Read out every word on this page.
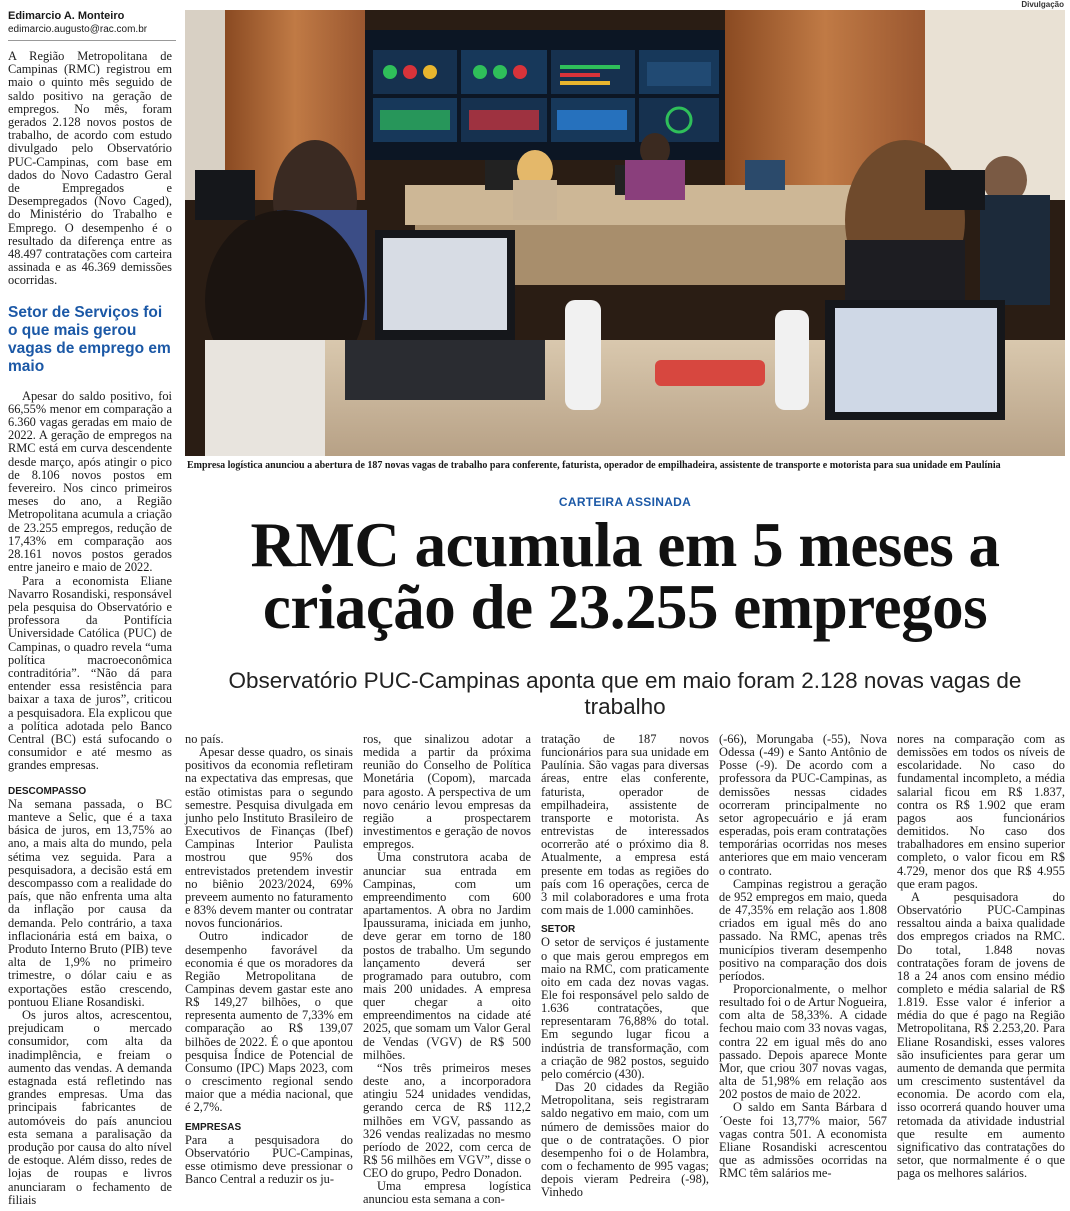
Edimarcio A. Monteiro
edimarcio.augusto@rac.com.br

A Região Metropolitana de Campinas (RMC) registrou em maio o quinto mês seguido de saldo positivo na geração de empregos. No mês, foram gerados 2.128 novos postos de trabalho, de acordo com estudo divulgado pelo Observatório PUC-Campinas, com base em dados do Novo Cadastro Geral de Empregados e Desempregados (Novo Caged), do Ministério do Trabalho e Emprego. O desempenho é o resultado da diferença entre as 48.497 contratações com carteira assinada e as 46.369 demissões ocorridas.

Setor de Serviços foi o que mais gerou vagas de emprego em maio

Apesar do saldo positivo, foi 66,55% menor em comparação a 6.360 vagas geradas em maio de 2022. A geração de empregos na RMC está em curva descendente desde março, após atingir o pico de 8.106 novos postos em fevereiro. Nos cinco primeiros meses do ano, a Região Metropolitana acumula a criação de 23.255 empregos, redução de 17,43% em comparação aos 28.161 novos postos gerados entre janeiro e maio de 2022.

Para a economista Eliane Navarro Rosandiski, responsável pela pesquisa do Observatório e professora da Pontifícia Universidade Católica (PUC) de Campinas, o quadro revela “uma política macroeconômica contraditória”. “Não dá para entender essa resistência para baixar a taxa de juros”, criticou a pesquisadora. Ela explicou que a política adotada pelo Banco Central (BC) está sufocando o consumidor e até mesmo as grandes empresas.

DESCOMPASSO

Na semana passada, o BC manteve a Selic, que é a taxa básica de juros, em 13,75% ao ano, a mais alta do mundo, pela sétima vez seguida. Para a pesquisadora, a decisão está em descompasso com a realidade do país, que não enfrenta uma alta da inflação por causa da demanda. Pelo contrário, a taxa inflacionária está em baixa, o Produto Interno Bruto (PIB) teve alta de 1,9% no primeiro trimestre, o dólar caiu e as exportações estão crescendo, pontuou Eliane Rosandiski.

Os juros altos, acrescentou, prejudicam o mercado consumidor, com alta da inadimplência, e freiam o aumento das vendas. A demanda estagnada está refletindo nas grandes empresas. Uma das principais fabricantes de automóveis do país anunciou esta semana a paralisação da produção por causa do alto nível de estoque. Além disso, redes de lojas de roupas e livros anunciaram o fechamento de filiais

Divulgação
Empresa logística anunciou a abertura de 187 novas vagas de trabalho para conferente, faturista, operador de empilhadeira, assistente de transporte e motorista para sua unidade em Paulínia
CARTEIRA ASSINADA
RMC acumula em 5 meses a
criação de 23.255 empregos
Observatório PUC-Campinas aponta que em maio foram 2.128 novas vagas de trabalho

no país.

Apesar desse quadro, os sinais positivos da economia refletiram na expectativa das empresas, que estão otimistas para o segundo semestre. Pesquisa divulgada em junho pelo Instituto Brasileiro de Executivos de Finanças (Ibef) Campinas Interior Paulista mostrou que 95% dos entrevistados pretendem investir no biênio 2023/2024, 69% preveem aumento no faturamento e 83% devem manter ou contratar novos funcionários.

Outro indicador de desempenho favorável da economia é que os moradores da Região Metropolitana de Campinas devem gastar este ano R$ 149,27 bilhões, o que representa aumento de 7,33% em comparação ao R$ 139,07 bilhões de 2022. É o que apontou pesquisa Índice de Potencial de Consumo (IPC) Maps 2023, com o crescimento regional sendo maior que a média nacional, que é 2,7%.

EMPRESAS

Para a pesquisadora do Observatório PUC-Campinas, esse otimismo deve pressionar o Banco Central a reduzir os ju-

ros, que sinalizou adotar a medida a partir da próxima reunião do Conselho de Política Monetária (Copom), marcada para agosto. A perspectiva de um novo cenário levou empresas da região a prospectarem investimentos e geração de novos empregos.

Uma construtora acaba de anunciar sua entrada em Campinas, com um empreendimento com 600 apartamentos. A obra no Jardim Ipaussurama, iniciada em junho, deve gerar em torno de 180 postos de trabalho. Um segundo lançamento deverá ser programado para outubro, com mais 200 unidades. A empresa quer chegar a oito empreendimentos na cidade até 2025, que somam um Valor Geral de Vendas (VGV) de R$ 500 milhões.

“Nos três primeiros meses deste ano, a incorporadora atingiu 524 unidades vendidas, gerando cerca de R$ 112,2 milhões em VGV, passando as 326 vendas realizadas no mesmo período de 2022, com cerca de R$ 56 milhões em VGV”, disse o CEO do grupo, Pedro Donadon.

Uma empresa logística anunciou esta semana a con-

tratação de 187 novos funcionários para sua unidade em Paulínia. São vagas para diversas áreas, entre elas conferente, faturista, operador de empilhadeira, assistente de transporte e motorista. As entrevistas de interessados ocorrerão até o próximo dia 8. Atualmente, a empresa está presente em todas as regiões do país com 16 operações, cerca de 3 mil colaboradores e uma frota com mais de 1.000 caminhões.

SETOR

O setor de serviços é justamente o que mais gerou empregos em maio na RMC, com praticamente oito em cada dez novas vagas. Ele foi responsável pelo saldo de 1.636 contratações, que representaram 76,88% do total. Em segundo lugar ficou a indústria de transformação, com a criação de 982 postos, seguido pelo comércio (430).

Das 20 cidades da Região Metropolitana, seis registraram saldo negativo em maio, com um número de demissões maior do que o de contratações. O pior desempenho foi o de Holambra, com o fechamento de 995 vagas; depois vieram Pedreira (-98), Vinhedo

(-66), Morungaba (-55), Nova Odessa (-49) e Santo Antônio de Posse (-9). De acordo com a professora da PUC-Campinas, as demissões nessas cidades ocorreram principalmente no setor agropecuário e já eram esperadas, pois eram contratações temporárias ocorridas nos meses anteriores que em maio venceram o contrato.

Campinas registrou a geração de 952 empregos em maio, queda de 47,35% em relação aos 1.808 criados em igual mês do ano passado. Na RMC, apenas três municípios tiveram desempenho positivo na comparação dos dois períodos.

Proporcionalmente, o melhor resultado foi o de Artur Nogueira, com alta de 58,33%. A cidade fechou maio com 33 novas vagas, contra 22 em igual mês do ano passado. Depois aparece Monte Mor, que criou 307 novas vagas, alta de 51,98% em relação aos 202 postos de maio de 2022.

O saldo em Santa Bárbara d´Oeste foi 13,77% maior, 567 vagas contra 501. A economista Eliane Rosandiski acrescentou que as admissões ocorridas na RMC têm salários me-

nores na comparação com as demissões em todos os níveis de escolaridade. No caso do fundamental incompleto, a média salarial ficou em R$ 1.837, contra os R$ 1.902 que eram pagos aos funcionários demitidos. No caso dos trabalhadores em ensino superior completo, o valor ficou em R$ 4.729, menor dos que R$ 4.955 que eram pagos.

A pesquisadora do Observatório PUC-Campinas ressaltou ainda a baixa qualidade dos empregos criados na RMC. Do total, 1.848 novas contratações foram de jovens de 18 a 24 anos com ensino médio completo e média salarial de R$ 1.819. Esse valor é inferior a média do que é pago na Região Metropolitana, R$ 2.253,20. Para Eliane Rosandiski, esses valores são insuficientes para gerar um aumento de demanda que permita um crescimento sustentável da economia. De acordo com ela, isso ocorrerá quando houver uma retomada da atividade industrial que resulte em aumento significativo das contratações do setor, que normalmente é o que paga os melhores salários.
